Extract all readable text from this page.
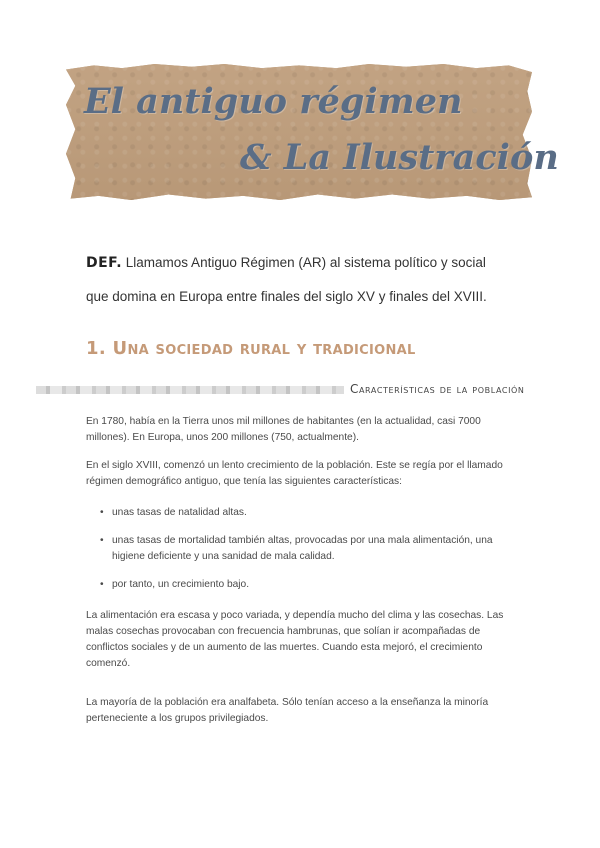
El antiguo régimen
& La Ilustración

DEF. Llamamos Antiguo Régimen (AR) al sistema político y social que domina en Europa entre finales del siglo XV y finales del XVIII.

1. Una sociedad rural y tradicional
Características de la población

En 1780, había en la Tierra unos mil millones de habitantes (en la actualidad, casi 7000 millones). En Europa, unos 200 millones (750, actualmente).

En el siglo XVIII, comenzó un lento crecimiento de la población. Este se regía por el llamado régimen demográfico antiguo, que tenía las siguientes características:

• unas tasas de natalidad altas.
• unas tasas de mortalidad también altas, provocadas por una mala alimentación, una higiene deficiente y una sanidad de mala calidad.
• por tanto, un crecimiento bajo.

La alimentación era escasa y poco variada, y dependía mucho del clima y las cosechas. Las malas cosechas provocaban con frecuencia hambrunas, que solían ir acompañadas de conflictos sociales y de un aumento de las muertes. Cuando esta mejoró, el crecimiento comenzó.

La mayoría de la población era analfabeta. Sólo tenían acceso a la enseñanza la minoría perteneciente a los grupos privilegiados.
